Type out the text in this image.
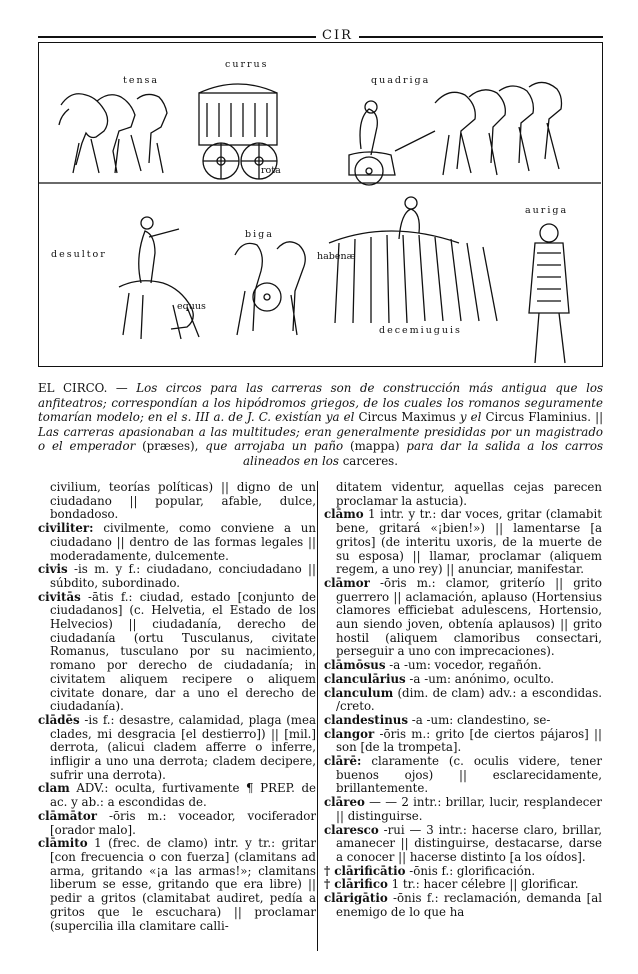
CIR
currus
tensa	quadriga
rota
auriga
desultor
biga
habenæ
equus
decemiuguis
EL CIRCO. — Los circos para las carreras son de construcción más antigua que los anfiteatros; correspondían a los hipódromos griegos, de los cuales los romanos seguramente tomarían modelo; en el s. III a. de J. C. existían ya el Circus Maximus y el Circus Flaminius. || Las carreras apasionaban a las multitudes; eran generalmente presididas por un magistrado o el emperador (præses), que arrojaba un paño (mappa) para dar la salida a los carros alineados en los carceres.
civilium, teorías políticas) || digno de un ciudadano || popular, afable, dulce, bondadoso.
civiliter: civilmente, como conviene a un ciudadano || dentro de las formas legales || moderadamente, dulcemente.
civis -is m. y f.: ciudadano, conciudadano || súbdito, subordinado.
civitās -ātis f.: ciudad, estado [conjunto de ciudadanos] (c. Helvetia, el Estado de los Helvecios) || ciudadanía, derecho de ciudadanía (ortu Tusculanus, civitate Romanus, tusculano por su nacimiento, romano por derecho de ciudadanía; in civitatem aliquem recipere o aliquem civitate donare, dar a uno el derecho de ciudadanía).
clādēs -is f.: desastre, calamidad, plaga (mea clades, mi desgracia [el destierro]) || [mil.] derrota, (alicui cladem afferre o inferre, infligir a uno una derrota; cladem decipere, sufrir una derrota).
clam ADV.: oculta, furtivamente ¶ PREP. de ac. y ab.: a escondidas de.
clāmātor -ōris m.: voceador, vociferador [orador malo].
clāmito 1 (frec. de clamo) intr. y tr.: gritar [con frecuencia o con fuerza] (clamitans ad arma, gritando «¡a las armas!»; clamitans liberum se esse, gritando que era libre) || pedir a gritos (clamitabat audiret, pedía a gritos que le escuchara) || proclamar (supercilia illa clamitare calli-
ditatem videntur, aquellas cejas parecen proclamar la astucia).
clāmo 1 intr. y tr.: dar voces, gritar (clamabit bene, gritará «¡bien!») || lamentarse [a gritos] (de interitu uxoris, de la muerte de su esposa) || llamar, proclamar (aliquem regem, a uno rey) || anunciar, manifestar.
clāmor -ōris m.: clamor, griterío || grito guerrero || aclamación, aplauso (Hortensius clamores efficiebat adulescens, Hortensio, aun siendo joven, obtenía aplausos) || grito hostil (aliquem clamoribus consectari, perseguir a uno con imprecaciones).
clāmōsus -a -um: vocedor, regañón.
clanculārius -a -um: anónimo, oculto.
clanculum (dim. de clam) adv.: a escondidas. /creto.
clandestinus -a -um: clandestino, se-
clangor -ōris m.: grito [de ciertos pájaros] || son [de la trompeta].
clārē: claramente (c. oculis videre, tener buenos ojos) || esclarecidamente, brillantemente.
clāreo — — 2 intr.: brillar, lucir, resplandecer || distinguirse.
claresco -rui — 3 intr.: hacerse claro, brillar, amanecer || distinguirse, destacarse, darse a conocer || hacerse distinto [a los oídos].
† clārificātio -ōnis f.: glorificación.
† clārifico 1 tr.: hacer célebre || glorificar.
clārigātio -ōnis f.: reclamación, demanda [al enemigo de lo que ha
